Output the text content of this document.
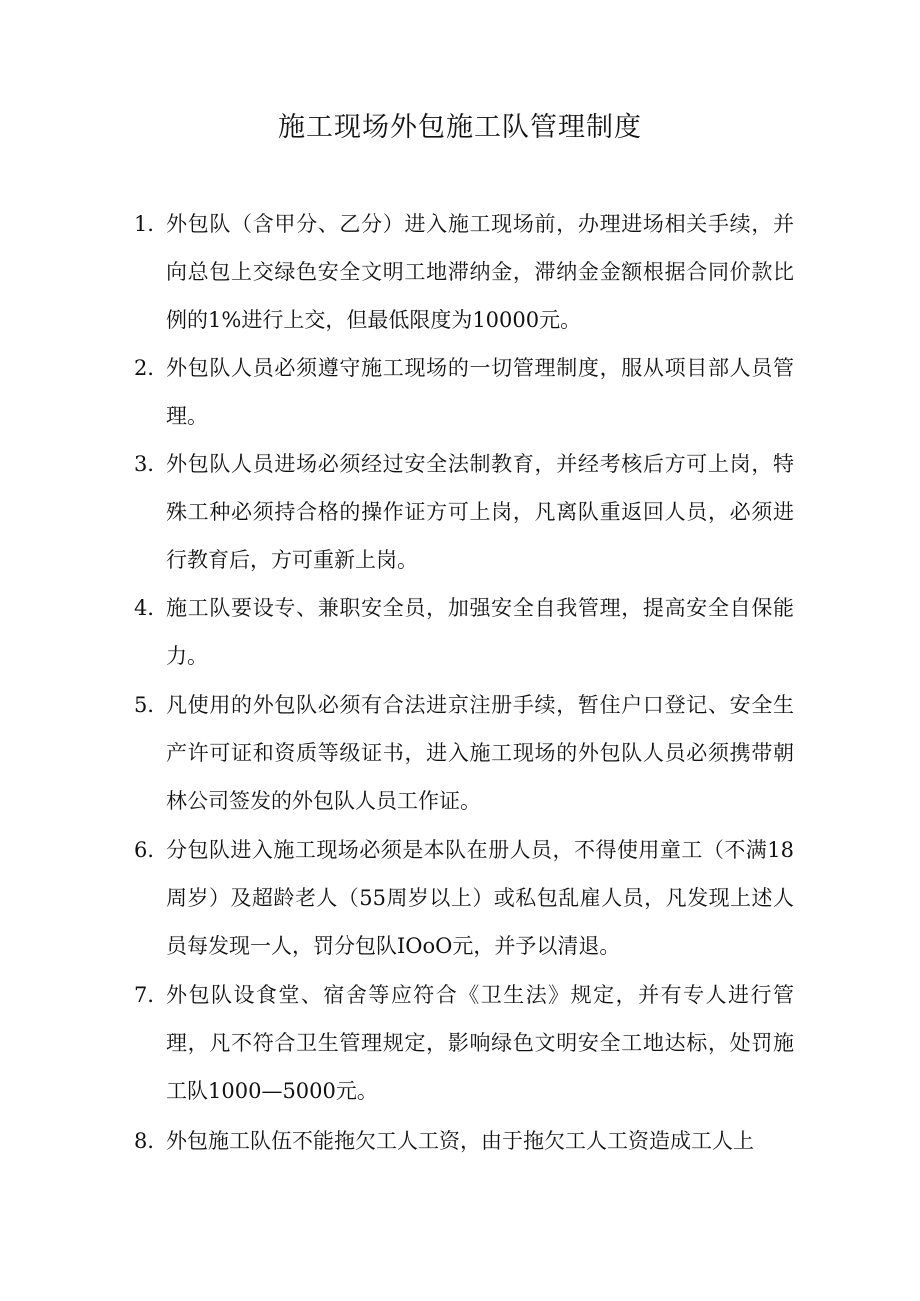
施工现场外包施工队管理制度
1．
外包队（含甲分、乙分）进入施工现场前，办理进场相关手续，并向总包上交绿色安全文明工地滞纳金，滞纳金金额根据合同价款比例的1%进行上交，但最低限度为10000元。
2．
外包队人员必须遵守施工现场的一切管理制度，服从项目部人员管理。
3．
外包队人员进场必须经过安全法制教育，并经考核后方可上岗，特殊工种必须持合格的操作证方可上岗，凡离队重返回人员，必须进行教育后，方可重新上岗。
4．
施工队要设专、兼职安全员，加强安全自我管理，提高安全自保能力。
5．
凡使用的外包队必须有合法进京注册手续，暂住户口登记、安全生产许可证和资质等级证书，进入施工现场的外包队人员必须携带朝林公司签发的外包队人员工作证。
6．
分包队进入施工现场必须是本队在册人员，不得使用童工（不满18周岁）及超龄老人（55周岁以上）或私包乱雇人员，凡发现上述人员每发现一人，罚分包队IOoO元，并予以清退。
7．
外包队设食堂、宿舍等应符合《卫生法》规定，并有专人进行管理，凡不符合卫生管理规定，影响绿色文明安全工地达标，处罚施工队1000—5000元。
8．
外包施工队伍不能拖欠工人工资，由于拖欠工人工资造成工人上
